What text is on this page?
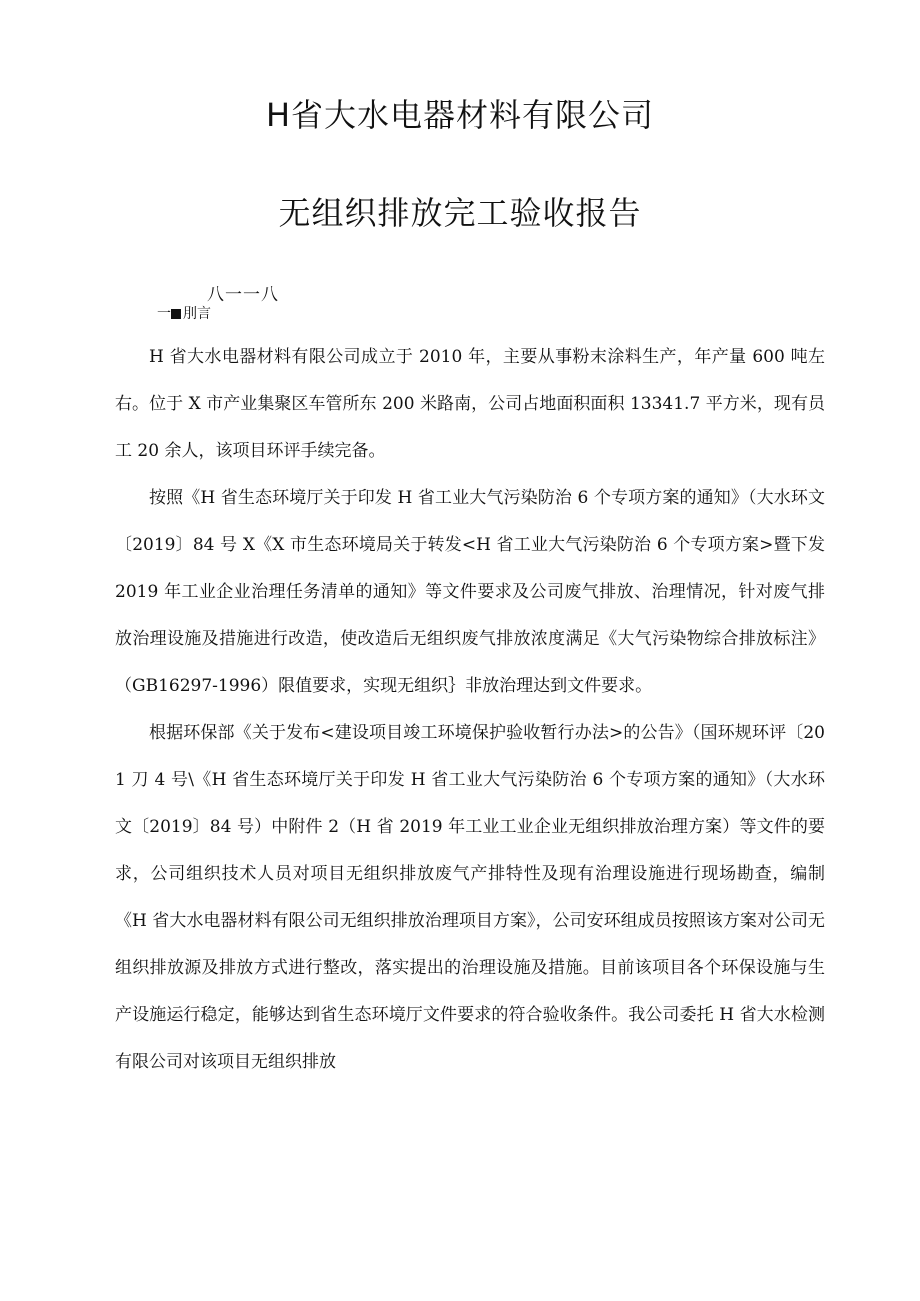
H省大水电器材料有限公司
无组织排放完工验收报告
八一一八
一 刖言

H 省大水电器材料有限公司成立于 2010 年，主要从事粉末涂料生产，年产量 600 吨左右。位于 X 市产业集聚区车管所东 200 米路南，公司占地面积面积 13341.7 平方米，现有员工 20 余人，该项目环评手续完备。

按照《H 省生态环境厅关于印发 H 省工业大气污染防治 6 个专项方案的通知》（大水环文〔2019〕84 号 X《X 市生态环境局关于转发<H 省工业大气污染防治 6 个专项方案>暨下发 2019 年工业企业治理任务清单的通知》等文件要求及公司废气排放、治理情况，针对废气排放治理设施及措施进行改造，使改造后无组织废气排放浓度满足《大气污染物综合排放标注》（GB16297-1996）限值要求，实现无组织｝非放治理达到文件要求。

根据环保部《关于发布<建设项目竣工环境保护验收暂行办法>的公告》（国环规环评〔201 刀 4 号\《H 省生态环境厅关于印发 H 省工业大气污染防治 6 个专项方案的通知》（大水环文〔2019〕84 号）中附件 2（H 省 2019 年工业工业企业无组织排放治理方案）等文件的要求，公司组织技术人员对项目无组织排放废气产排特性及现有治理设施进行现场勘查，编制《H 省大水电器材料有限公司无组织排放治理项目方案》，公司安环组成员按照该方案对公司无组织排放源及排放方式进行整改，落实提出的治理设施及措施。目前该项目各个环保设施与生产设施运行稳定，能够达到省生态环境厅文件要求的符合验收条件。我公司委托 H 省大水检测有限公司对该项目无组织排放
